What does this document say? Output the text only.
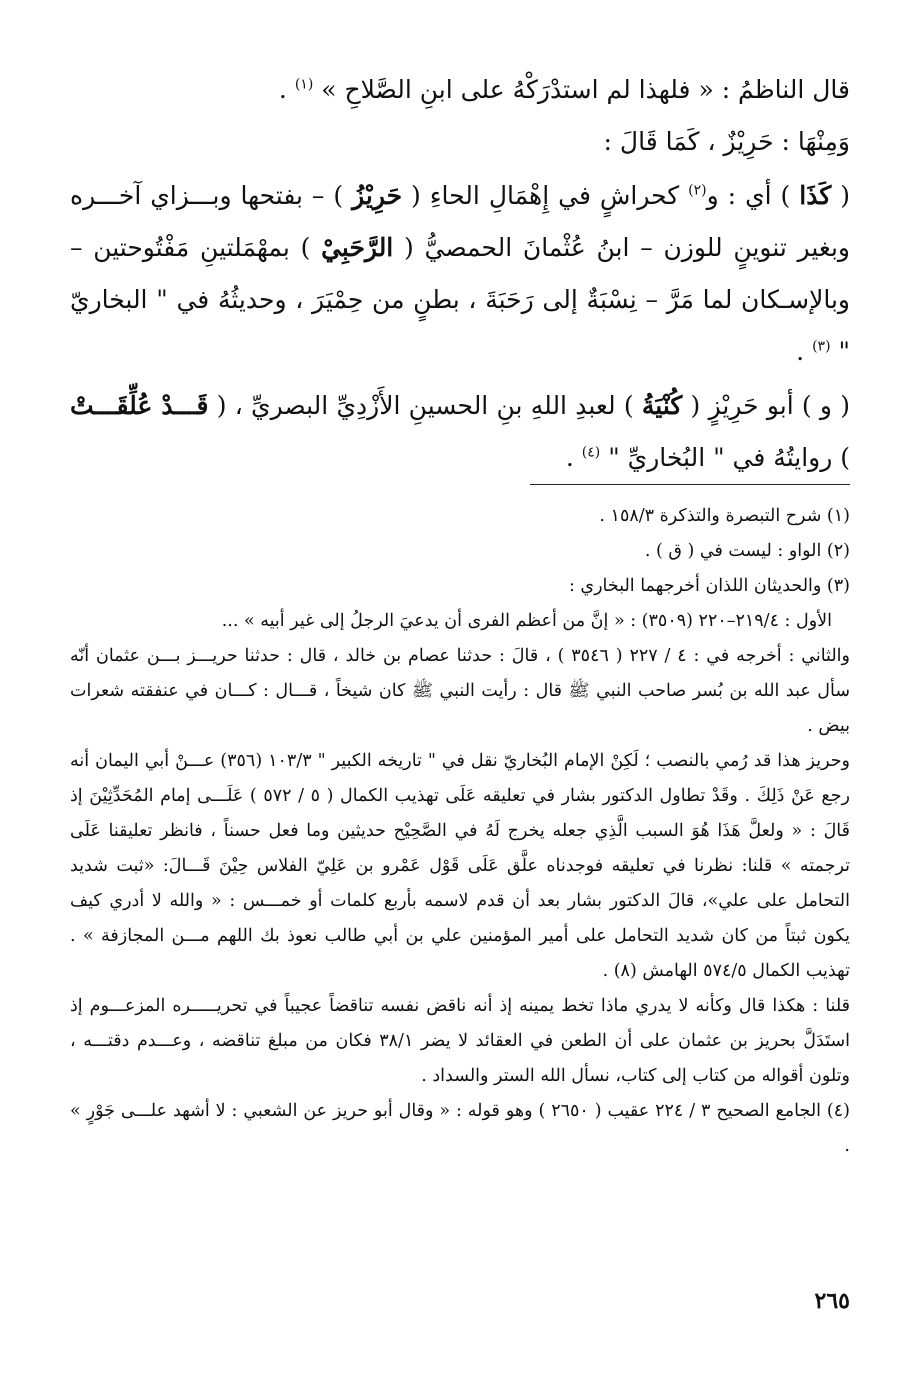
قال الناظمُ : « فلهذا لم استدْرَكْهُ على ابنِ الصَّلاحِ » $^{(١)}$ .

وَمِنْهَا : حَرِيْزٌ ، كَمَا قَالَ :

( كَذَا ) أي : و$^{(٢)}$ كحراشٍ في إِهْمَالِ الحاءِ ( حَرِيْزُ ) – بفتحها وبـــزاي آخـــره وبغير تنوينٍ للوزن – ابنُ عُثْمانَ الحمصيُّ ( الرَّحَبِيْ ) بمهْمَلتينِ مَفْتُوحتين – وبالإسـكان لما مَرَّ – نِسْبَةٌ إلى رَحَبَةَ ، بطنٍ من حِمْيَرَ ، وحديثُهُ في " البخاريّ " $^{(٣)}$ .

( و ) أبو حَرِيْزٍ ( كُنْيَةُ ) لعبدِ اللهِ بنِ الحسينِ الأَزْدِيِّ البصريِّ ، ( قَـــدْ عُلِّقَـــتْ ) روايتُهُ في " البُخاريِّ " $^{(٤)}$ .

(١) شرح التبصرة والتذكرة ١٥٨/٣ .

(٢) الواو : ليست في ( ق ) .

(٣) والحديثان اللذان أخرجهما البخاري :

الأول : ٢١٩/٤–٢٢٠ (٣٥٠٩) : « إنَّ من أعظم الفرى أن يدعيَ الرجلُ إلى غير أبيه » ...

والثاني : أخرجه في : ٤ / ٢٢٧ ( ٣٥٤٦ ) ، قالَ : حدثنا عصام بن خالد ، قال : حدثنا حريـــز بـــن عثمان أنّه سأل عبد الله بن بُسر صاحب النبي ﷺ قال : رأيت النبي ﷺ كان شيخاً ، قـــال : كـــان في عنفقته شعرات بيض .

وحريز هذا قد رُمي بالنصب ؛ لَكِنْ الإمام البُخاريّ نقل في " تاريخه الكبير " ١٠٣/٣ (٣٥٦) عـــنْ أبي اليمان أنه رجع عَنْ ذَلِكَ . وقَدْ تطاول الدكتور بشار في تعليقه عَلَى تهذيب الكمال ( ٥ / ٥٧٢ ) عَلَـــى إمام المُحَدِّثِيْنَ إذ قَالَ : « ولعلَّ هَذَا هُوَ السبب الَّذِي جعله يخرج لَهُ في الصَّحِيْح حديثين وما فعل حسناً ، فانظر تعليقنا عَلَى ترجمته » قلنا: نظرنا في تعليقه فوجدناه علَّق عَلَى قَوْل عَمْرو بن عَلِيّ الفلاس حِيْنَ قَـــالَ: «ثبت شديد التحامل على علي»، قالَ الدكتور بشار بعد أن قدم لاسمه بأربع كلمات أو خمـــس : « والله لا أدري كيف يكون ثبتاً من كان شديد التحامل على أمير المؤمنين علي بن أبي طالب نعوذ بك اللهم مـــن المجازفة » . تهذيب الكمال ٥٧٤/٥ الهامش (٨) .

قلنا : هكذا قال وكأنه لا يدري ماذا تخط يمينه إذ أنه ناقض نفسه تناقضاً عجيباً في تحريـــــره المزعـــوم إذ استَدَلَّ بحريز بن عثمان على أن الطعن في العقائد لا يضر ٣٨/١ فكان من مبلغ تناقضه ، وعـــدم دقتـــه ، وتلون أقواله من كتاب إلى كتاب، نسأل الله الستر والسداد .

(٤) الجامع الصحيح ٣ / ٢٢٤ عقيب ( ٢٦٥٠ ) وهو قوله : « وقال أبو حريز عن الشعبي : لا أشهد علـــى جَوْرٍ » .

٢٦٥
